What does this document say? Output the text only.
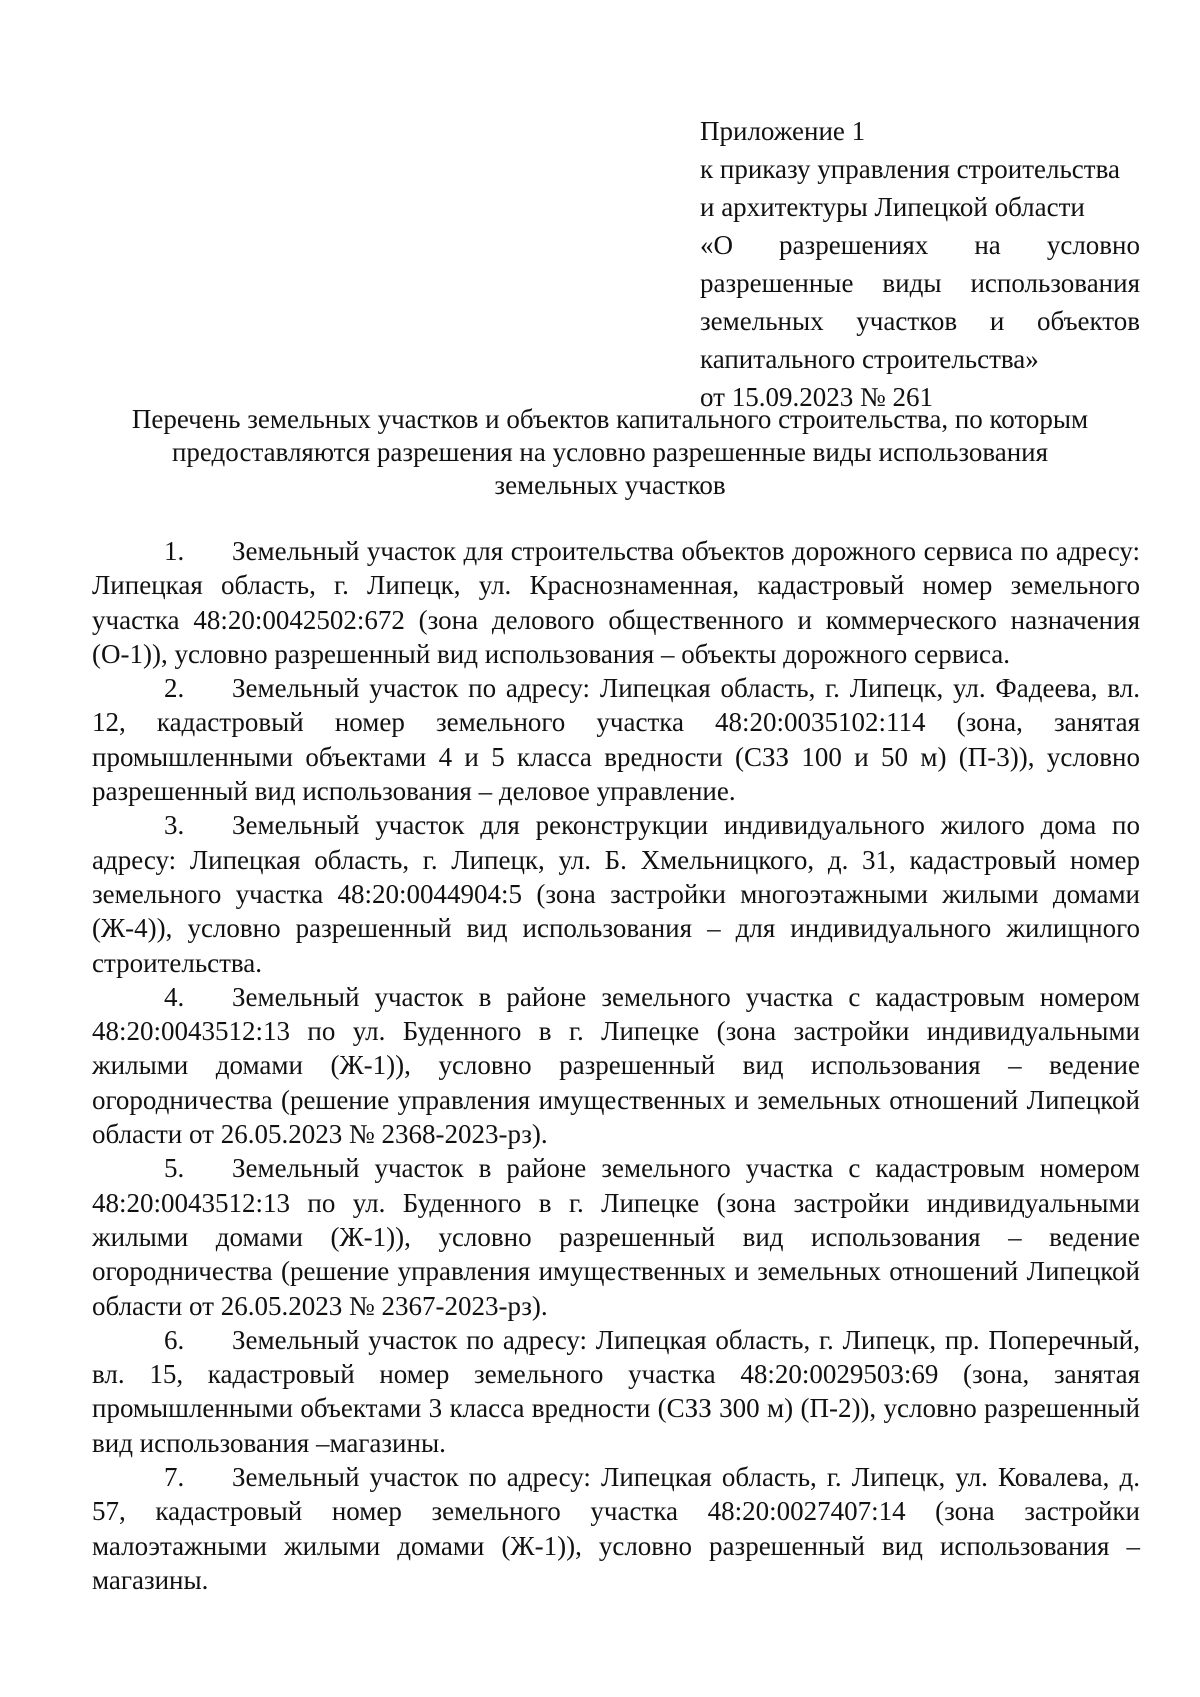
Приложение 1
к приказу управления строительства
и архитектуры Липецкой области
«О разрешениях на условно разрешенные виды использования земельных участков и объектов
капитального строительства»
от 15.09.2023 № 261
Перечень земельных участков и объектов капитального строительства, по которым
предоставляются разрешения на условно разрешенные виды использования
земельных участков

1. Земельный участок для строительства объектов дорожного сервиса по адресу: Липецкая область, г. Липецк, ул. Краснознаменная, кадастровый номер земельного участка 48:20:0042502:672 (зона делового общественного и коммерческого назначения (О-1)), условно разрешенный вид использования – объекты дорожного сервиса.

2. Земельный участок по адресу: Липецкая область, г. Липецк, ул. Фадеева, вл. 12, кадастровый номер земельного участка 48:20:0035102:114 (зона, занятая промышленными объектами 4 и 5 класса вредности (СЗЗ 100 и 50 м) (П-3)), условно разрешенный вид использования – деловое управление.

3. Земельный участок для реконструкции индивидуального жилого дома по адресу: Липецкая область, г. Липецк, ул. Б. Хмельницкого, д. 31, кадастровый номер земельного участка 48:20:0044904:5 (зона застройки многоэтажными жилыми домами (Ж-4)), условно разрешенный вид использования – для индивидуального жилищного строительства.

4. Земельный участок в районе земельного участка с кадастровым номером 48:20:0043512:13 по ул. Буденного в г. Липецке (зона застройки индивидуальными жилыми домами (Ж-1)), условно разрешенный вид использования – ведение огородничества (решение управления имущественных и земельных отношений Липецкой области от 26.05.2023 № 2368-2023-рз).

5. Земельный участок в районе земельного участка с кадастровым номером 48:20:0043512:13 по ул. Буденного в г. Липецке (зона застройки индивидуальными жилыми домами (Ж-1)), условно разрешенный вид использования – ведение огородничества (решение управления имущественных и земельных отношений Липецкой области от 26.05.2023 № 2367-2023-рз).

6. Земельный участок по адресу: Липецкая область, г. Липецк, пр. Поперечный, вл. 15, кадастровый номер земельного участка 48:20:0029503:69 (зона, занятая промышленными объектами 3 класса вредности (СЗЗ 300 м) (П-2)), условно разрешенный вид использования –магазины.

7. Земельный участок по адресу: Липецкая область, г. Липецк, ул. Ковалева, д. 57, кадастровый номер земельного участка 48:20:0027407:14 (зона застройки малоэтажными жилыми домами (Ж-1)), условно разрешенный вид использования – магазины.
